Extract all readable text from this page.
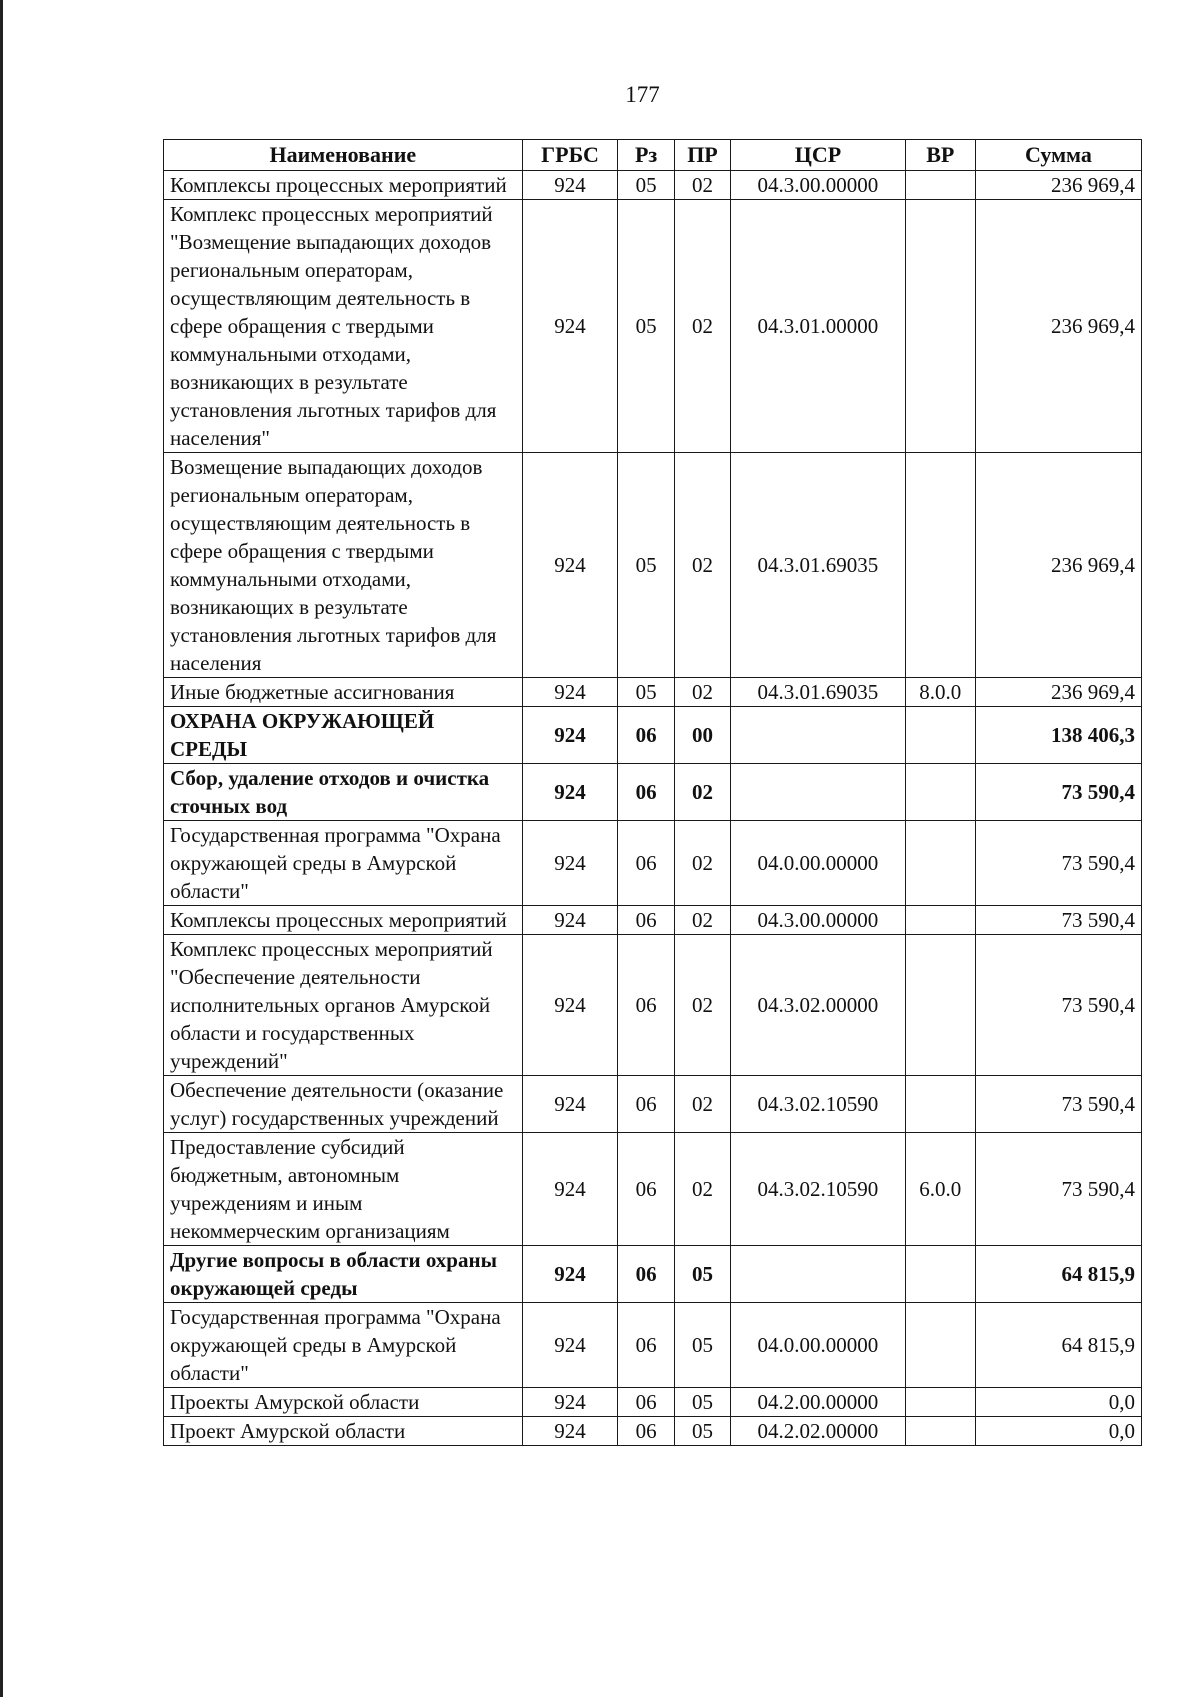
177
Наименование	ГРБС	Рз	ПР	ЦСР	ВР	Сумма
Комплексы процессных мероприятий	924	05	02	04.3.00.00000		236 969,4
Комплекс процессных мероприятий "Возмещение выпадающих доходов региональным операторам, осуществляющим деятельность в сфере обращения с твердыми коммунальными отходами, возникающих в результате установления льготных тарифов для населения"	924	05	02	04.3.01.00000		236 969,4
Возмещение выпадающих доходов региональным операторам, осуществляющим деятельность в сфере обращения с твердыми коммунальными отходами, возникающих в результате установления льготных тарифов для населения	924	05	02	04.3.01.69035		236 969,4
Иные бюджетные ассигнования	924	05	02	04.3.01.69035	8.0.0	236 969,4
ОХРАНА ОКРУЖАЮЩЕЙ СРЕДЫ	924	06	00			138 406,3
Сбор, удаление отходов и очистка сточных вод	924	06	02			73 590,4
Государственная программа "Охрана окружающей среды в Амурской области"	924	06	02	04.0.00.00000		73 590,4
Комплексы процессных мероприятий	924	06	02	04.3.00.00000		73 590,4
Комплекс процессных мероприятий "Обеспечение деятельности исполнительных органов Амурской области и государственных учреждений"	924	06	02	04.3.02.00000		73 590,4
Обеспечение деятельности (оказание услуг) государственных учреждений	924	06	02	04.3.02.10590		73 590,4
Предоставление субсидий бюджетным, автономным учреждениям и иным некоммерческим организациям	924	06	02	04.3.02.10590	6.0.0	73 590,4
Другие вопросы в области охраны окружающей среды	924	06	05			64 815,9
Государственная программа "Охрана окружающей среды в Амурской области"	924	06	05	04.0.00.00000		64 815,9
Проекты Амурской области	924	06	05	04.2.00.00000		0,0
Проект Амурской области	924	06	05	04.2.02.00000		0,0
